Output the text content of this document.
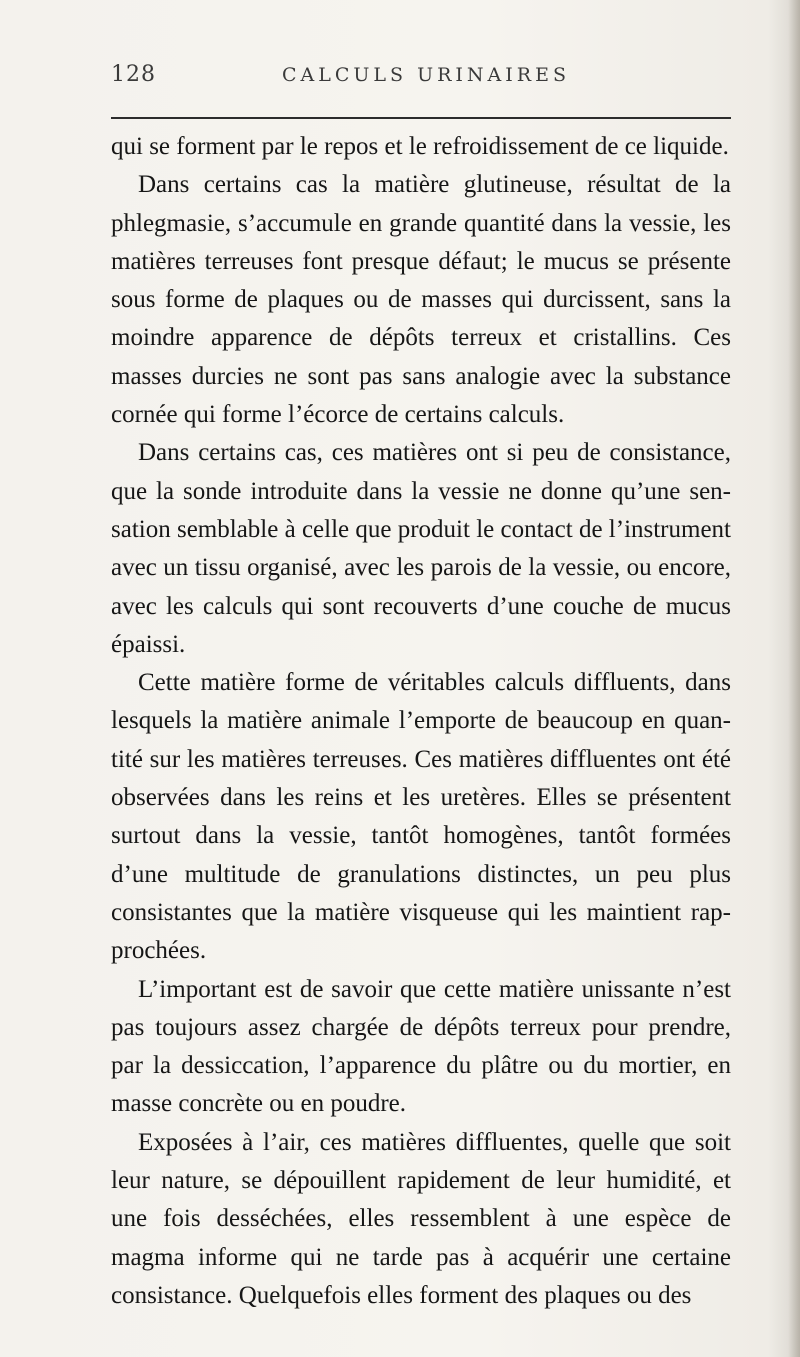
128	CALCULS URINAIRES

qui se forment par le repos et le refroidissement de ce liquide.

Dans certains cas la matière glutineuse, résultat de la phlegmasie, s’accumule en grande quantité dans la vessie, les matières terreuses font presque défaut; le mucus se présente sous forme de plaques ou de masses qui durcissent, sans la moindre apparence de dépôts terreux et cristallins. Ces masses durcies ne sont pas sans analogie avec la substance cornée qui forme l’écorce de certains calculs.

Dans certains cas, ces matières ont si peu de consistance, que la sonde introduite dans la vessie ne donne qu’une sensation semblable à celle que produit le contact de l’instrument avec un tissu organisé, avec les parois de la vessie, ou encore, avec les calculs qui sont recouverts d’une couche de mucus épaissi.

Cette matière forme de véritables calculs diffluents, dans lesquels la matière animale l’emporte de beaucoup en quantité sur les matières terreuses. Ces matières diffluentes ont été observées dans les reins et les uretères. Elles se présentent surtout dans la vessie, tantôt homogènes, tantôt formées d’une multitude de granulations distinctes, un peu plus consistantes que la matière visqueuse qui les maintient rapprochées.

L’important est de savoir que cette matière unissante n’est pas toujours assez chargée de dépôts terreux pour prendre, par la dessiccation, l’apparence du plâtre ou du mortier, en masse concrète ou en poudre.

Exposées à l’air, ces matières diffluentes, quelle que soit leur nature, se dépouillent rapidement de leur humidité, et une fois desséchées, elles ressemblent à une espèce de magma informe qui ne tarde pas à acquérir une certaine consistance. Quelquefois elles forment des plaques ou des
